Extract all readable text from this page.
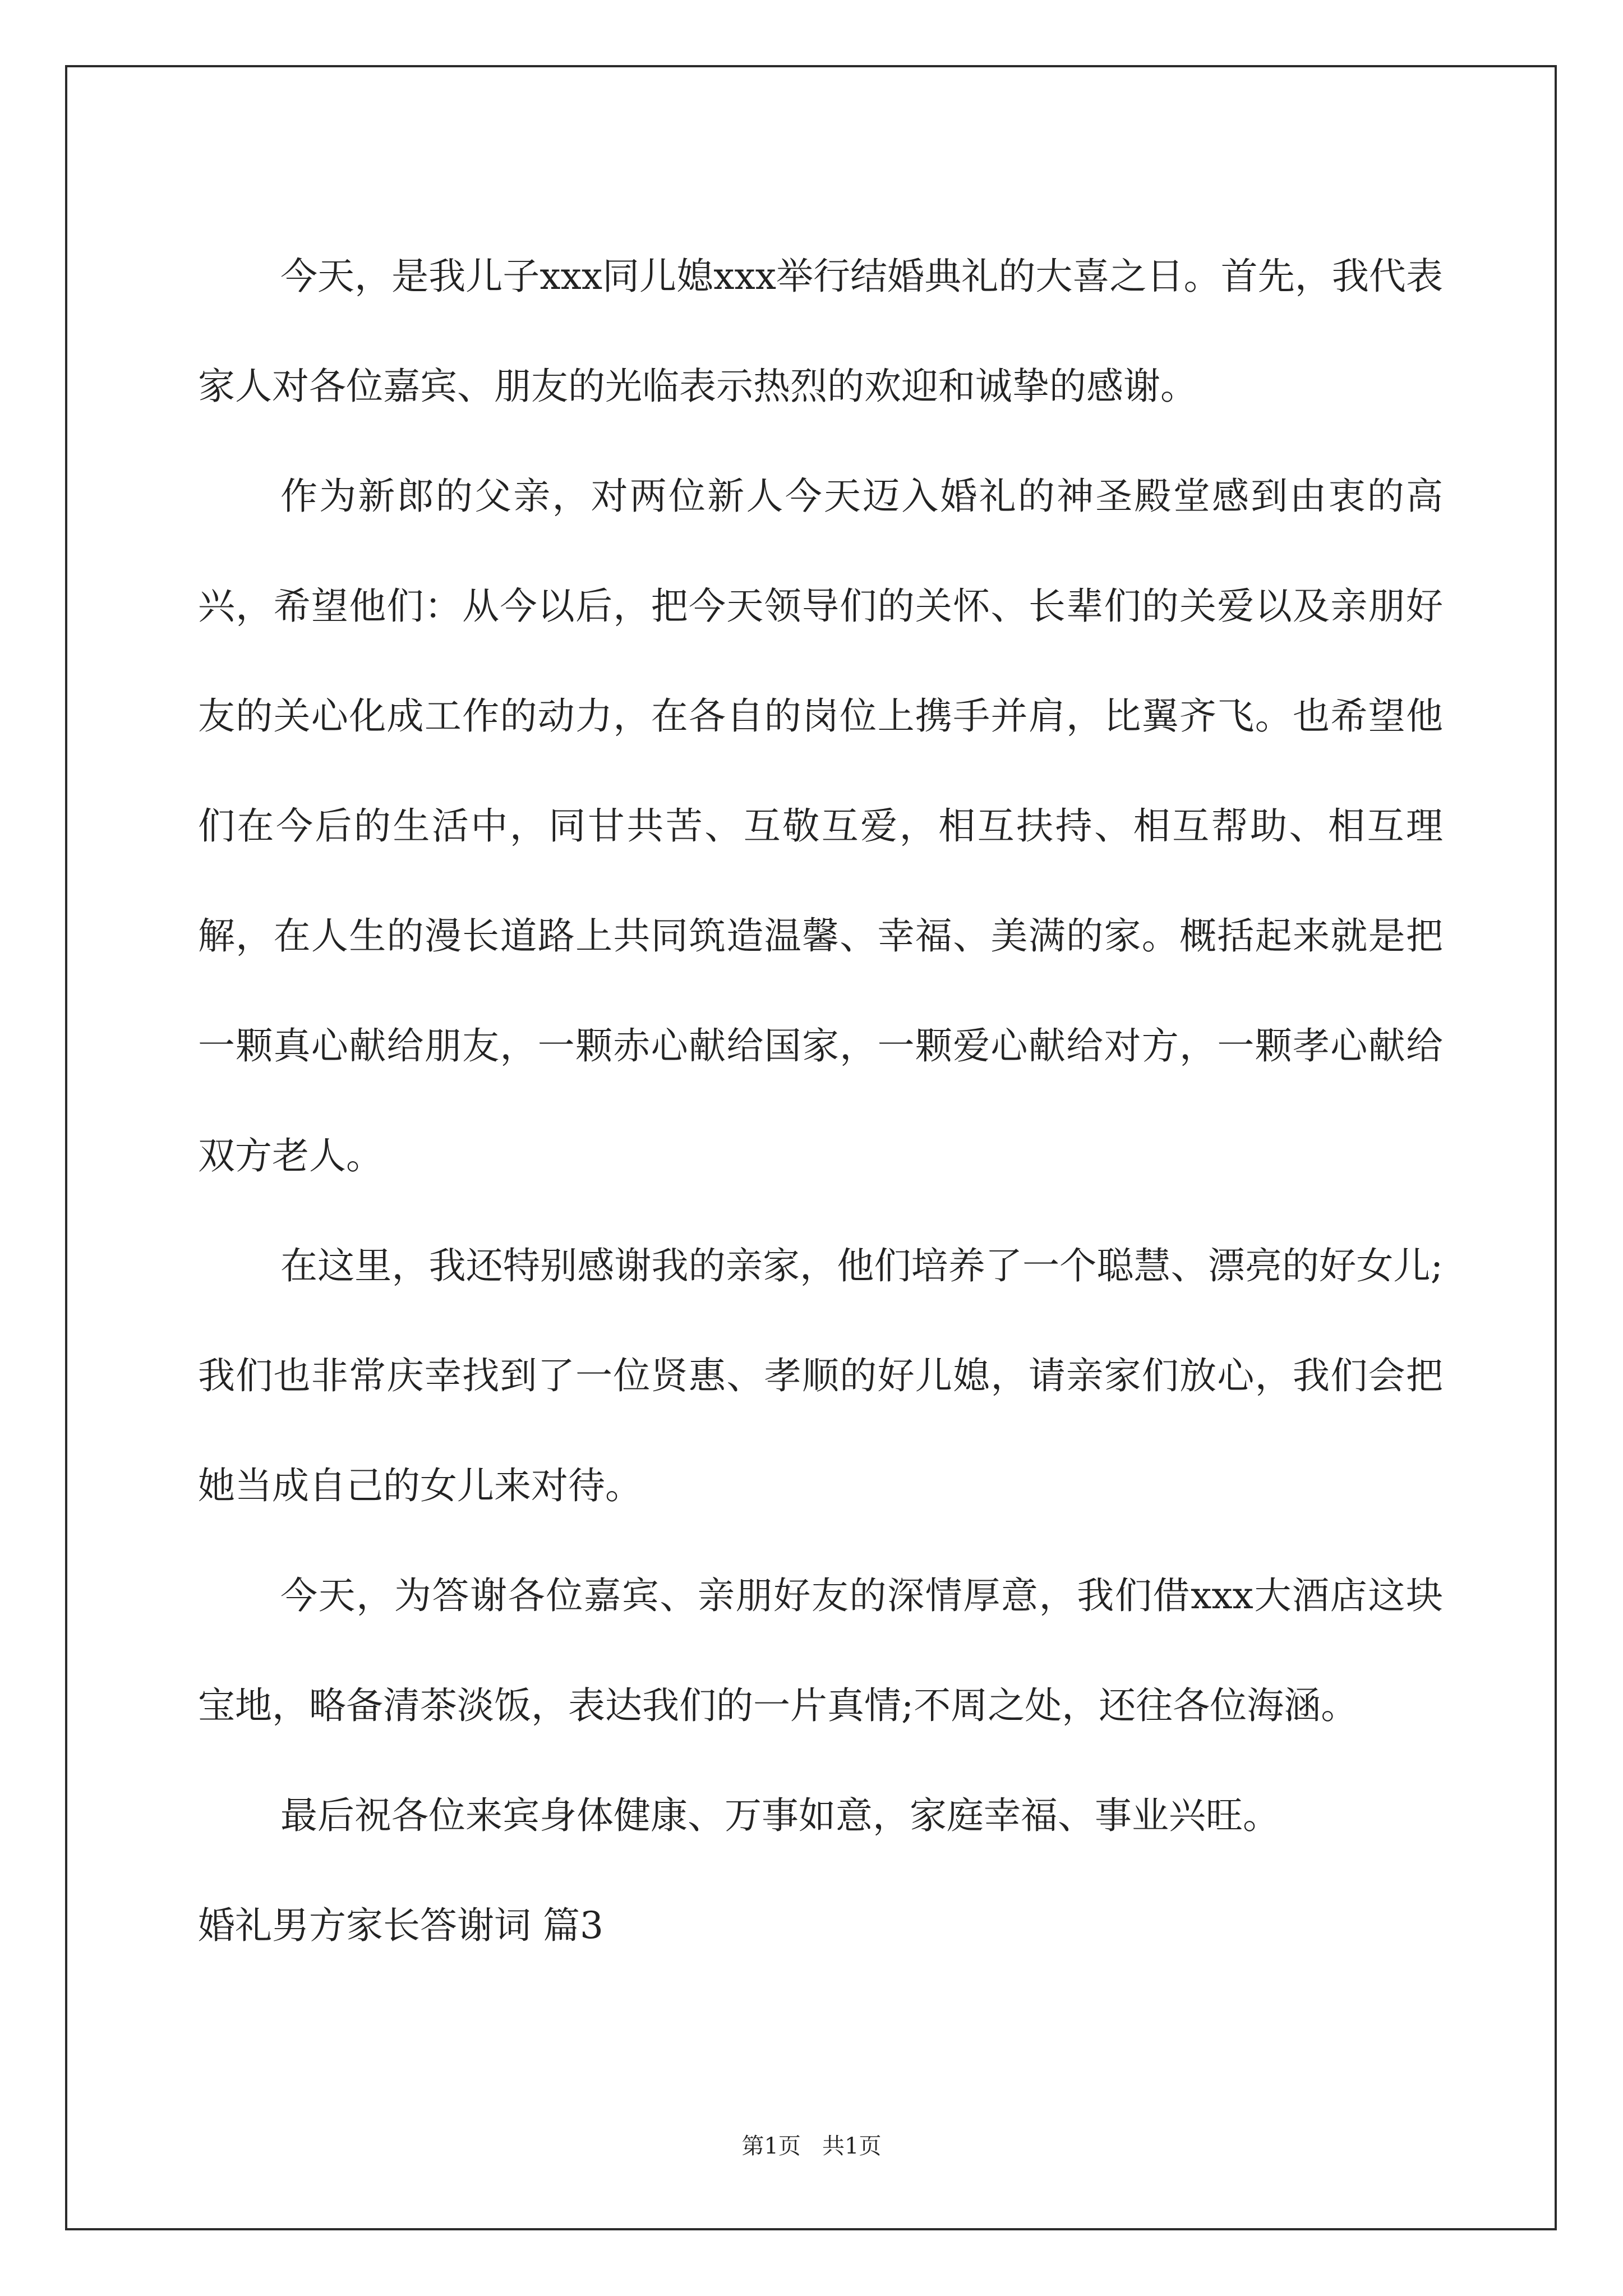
今天，是我儿子xxx同儿媳xxx举行结婚典礼的大喜之日。首先，我代表家人对各位嘉宾、朋友的光临表示热烈的欢迎和诚挚的感谢。

作为新郎的父亲，对两位新人今天迈入婚礼的神圣殿堂感到由衷的高兴，希望他们：从今以后，把今天领导们的关怀、长辈们的关爱以及亲朋好友的关心化成工作的动力，在各自的岗位上携手并肩，比翼齐飞。也希望他们在今后的生活中，同甘共苦、互敬互爱，相互扶持、相互帮助、相互理解，在人生的漫长道路上共同筑造温馨、幸福、美满的家。概括起来就是把一颗真心献给朋友，一颗赤心献给国家，一颗爱心献给对方，一颗孝心献给双方老人。

在这里，我还特别感谢我的亲家，他们培养了一个聪慧、漂亮的好女儿;我们也非常庆幸找到了一位贤惠、孝顺的好儿媳，请亲家们放心，我们会把她当成自己的女儿来对待。

今天，为答谢各位嘉宾、亲朋好友的深情厚意，我们借xxx大酒店这块宝地，略备清茶淡饭，表达我们的一片真情;不周之处，还往各位海涵。

最后祝各位来宾身体健康、万事如意，家庭幸福、事业兴旺。

婚礼男方家长答谢词 篇3

第1页   共1页
